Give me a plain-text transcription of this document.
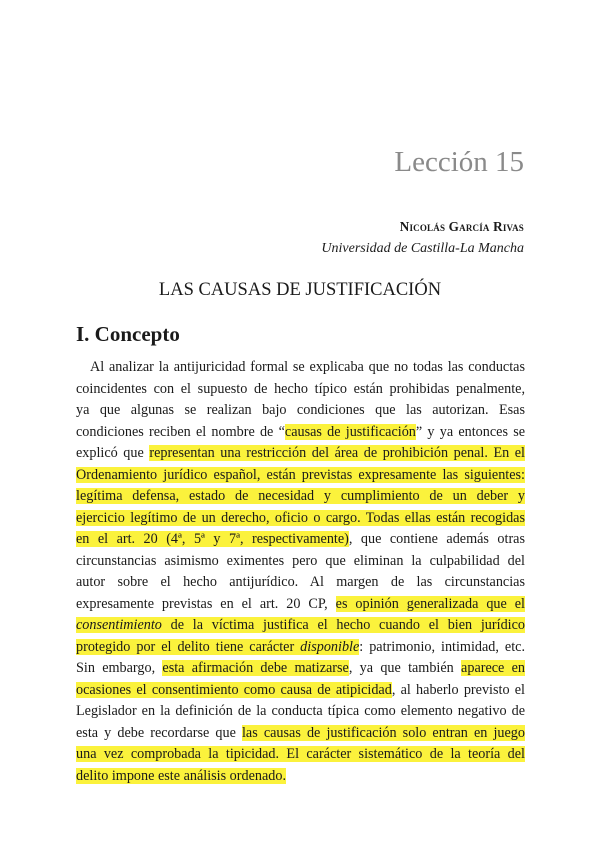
Lección 15
Nicolás García Rivas
Universidad de Castilla-La Mancha
LAS CAUSAS DE JUSTIFICACIÓN
I. Concepto
Al analizar la antijuricidad formal se explicaba que no todas las conductas
coincidentes con el supuesto de hecho típico están prohibidas penalmente,
ya que algunas se realizan bajo condiciones que las autorizan. Esas
condiciones reciben el nombre de “causas de justificación” y ya entonces se
explicó que representan una restricción del área de prohibición penal. En el
Ordenamiento jurídico español, están previstas expresamente las siguientes:
legítima defensa, estado de necesidad y cumplimiento de un deber y
ejercicio legítimo de un derecho, oficio o cargo. Todas ellas están recogidas
en el art. 20 (4ª, 5ª y 7ª, respectivamente), que contiene además otras
circunstancias asimismo eximentes pero que eliminan la culpabilidad del
autor sobre el hecho antijurídico. Al margen de las circunstancias
expresamente previstas en el art. 20 CP, es opinión generalizada que el
consentimiento de la víctima justifica el hecho cuando el bien jurídico
protegido por el delito tiene carácter disponible: patrimonio, intimidad, etc.
Sin embargo, esta afirmación debe matizarse, ya que también aparece en
ocasiones el consentimiento como causa de atipicidad, al haberlo previsto el
Legislador en la definición de la conducta típica como elemento negativo de
esta y debe recordarse que las causas de justificación solo entran en juego
una vez comprobada la tipicidad. El carácter sistemático de la teoría del
delito impone este análisis ordenado.
